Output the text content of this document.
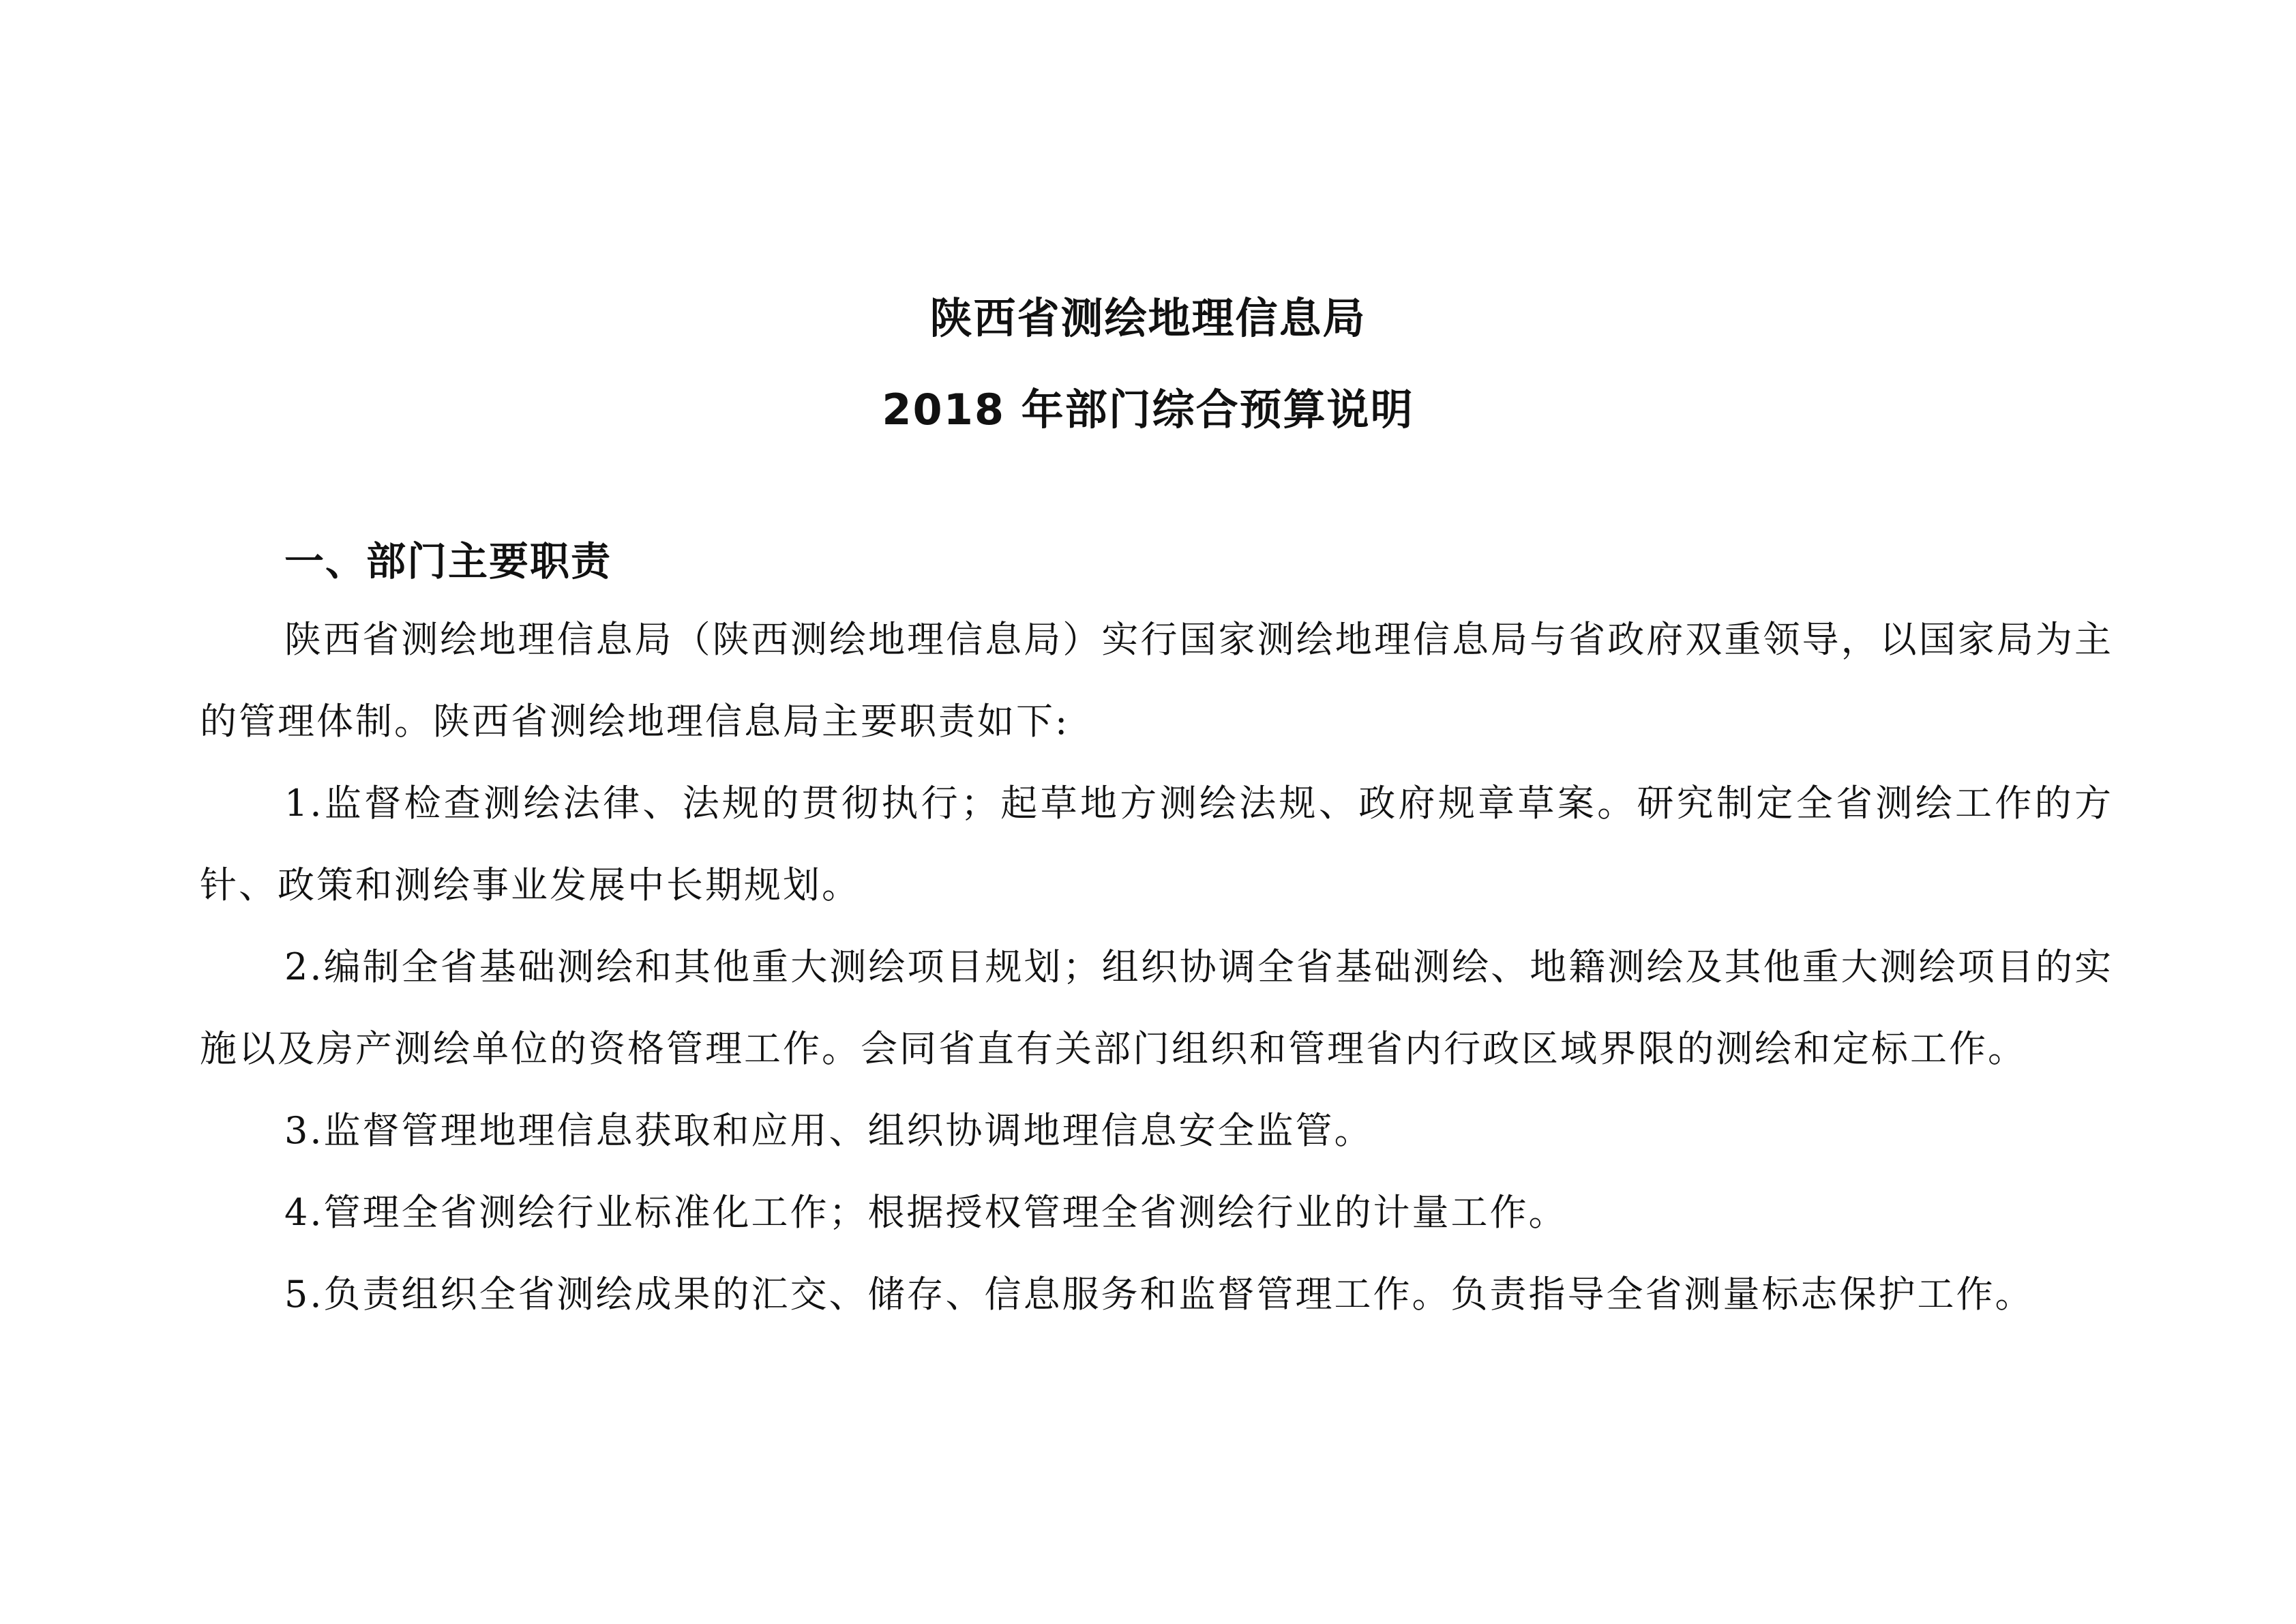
陕西省测绘地理信息局
2018 年部门综合预算说明

一、部门主要职责

陕西省测绘地理信息局（陕西测绘地理信息局）实行国家测绘地理信息局与省政府双重领导，以国家局为主的管理体制。陕西省测绘地理信息局主要职责如下:

1.监督检查测绘法律、法规的贯彻执行；起草地方测绘法规、政府规章草案。研究制定全省测绘工作的方针、政策和测绘事业发展中长期规划。

2.编制全省基础测绘和其他重大测绘项目规划；组织协调全省基础测绘、地籍测绘及其他重大测绘项目的实施以及房产测绘单位的资格管理工作。会同省直有关部门组织和管理省内行政区域界限的测绘和定标工作。

3.监督管理地理信息获取和应用、组织协调地理信息安全监管。

4.管理全省测绘行业标准化工作；根据授权管理全省测绘行业的计量工作。

5.负责组织全省测绘成果的汇交、储存、信息服务和监督管理工作。负责指导全省测量标志保护工作。
